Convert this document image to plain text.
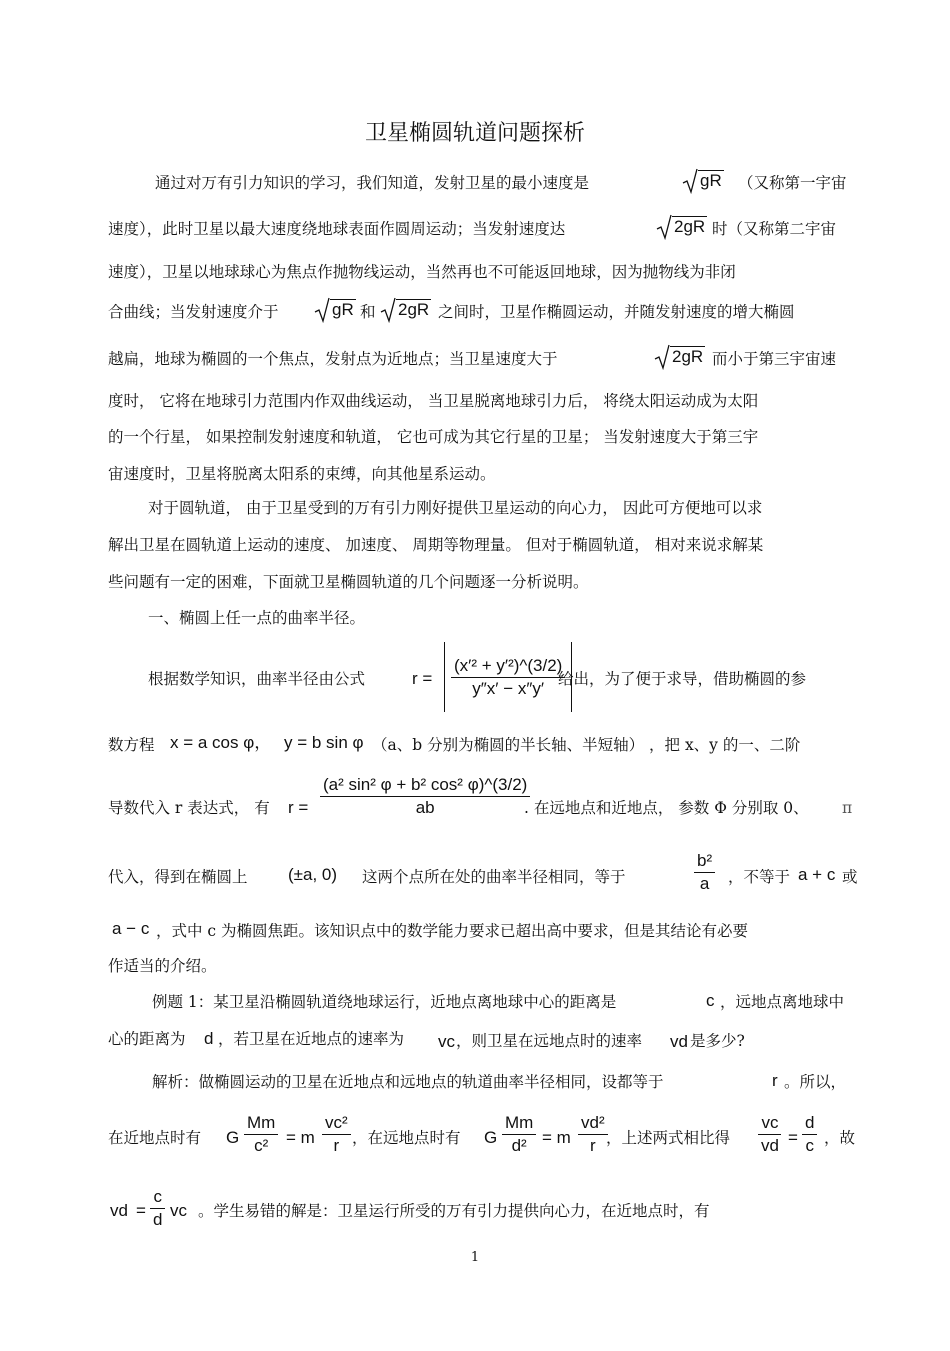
卫星椭圆轨道问题探析
通过对万有引力知识的学习，我们知道，发射卫星的最小速度是	gR （又称第一宇宙
速度），此时卫星以最大速度绕地球表面作圆周运动；当发射速度达	2gR 时（又称第二宇宙
速度），卫星以地球球心为焦点作抛物线运动，当然再也不可能返回地球，因为抛物线为非闭
合曲线；当发射速度介于	gR 和	2gR 之间时，卫星作椭圆运动，并随发射速度的增大椭圆
越扁，地球为椭圆的一个焦点，发射点为近地点；当卫星速度大于	2gR 而小于第三宇宙速
度时， 它将在地球引力范围内作双曲线运动， 当卫星脱离地球引力后， 将绕太阳运动成为太阳
的一个行星， 如果控制发射速度和轨道， 它也可成为其它行星的卫星； 当发射速度大于第三宇
宙速度时，卫星将脱离太阳系的束缚，向其他星系运动。
对于圆轨道， 由于卫星受到的万有引力刚好提供卫星运动的向心力， 因此可方便地可以求
解出卫星在圆轨道上运动的速度、 加速度、 周期等物理量。 但对于椭圆轨道， 相对来说求解某
些问题有一定的困难，下面就卫星椭圆轨道的几个问题逐一分析说明。
一、椭圆上任一点的曲率半径。
根据数学知识，曲率半径由公式	$r = \frac{\text{(x′² + y′²)\textasciicircum{}(3/2)}}{y''x' - x''y'}$
给出，为了便于求导，借助椭圆的参
数方程 x = a cos φ， y = b sin φ （a、b 分别为椭圆的半长轴、半短轴） ，把 x、y 的一、二阶
导数代入 r 表达式， 有 $r = \frac{\text{(a² sin² φ + b² cos² φ)\textasciicircum{}(3/2)}}{ab}$
. 在远地点和近地点， 参数 Φ 分别取 0、 π
代入，得到在椭圆上 (±a, 0) 这两个点所在处的曲率半径相同，等于	$\frac{\text{b²}}{a}$ ，不等于 a + c 或
a − c ，式中 c 为椭圆焦距。该知识点中的数学能力要求已超出高中要求，但是其结论有必要
作适当的介绍。
例题 1：某卫星沿椭圆轨道绕地球运行，近地点离地球中心的距离是	c ，远地点离地球中
心的距离为 d ，若卫星在近地点的速率为 vc ，则卫星在远地点时的速率 vd 是多少?
解析：做椭圆运动的卫星在近地点和远地点的轨道曲率半径相同，设都等于	r 。所以，
在近地点时有 G $\frac{Mm}{\text{c²}} = m \frac{\text{vc²}}{r}$ ，在远地点时有 G $\frac{Mm}{\text{d²}} = m \frac{\text{vd²}}{r}$
，上述两式相比得 $\frac{vc}{vd} = \frac{d}{c}$ ，故
vd = $\frac{c}{d}$ vc 。学生易错的解是：卫星运行所受的万有引力提供向心力，在近地点时，有
1
